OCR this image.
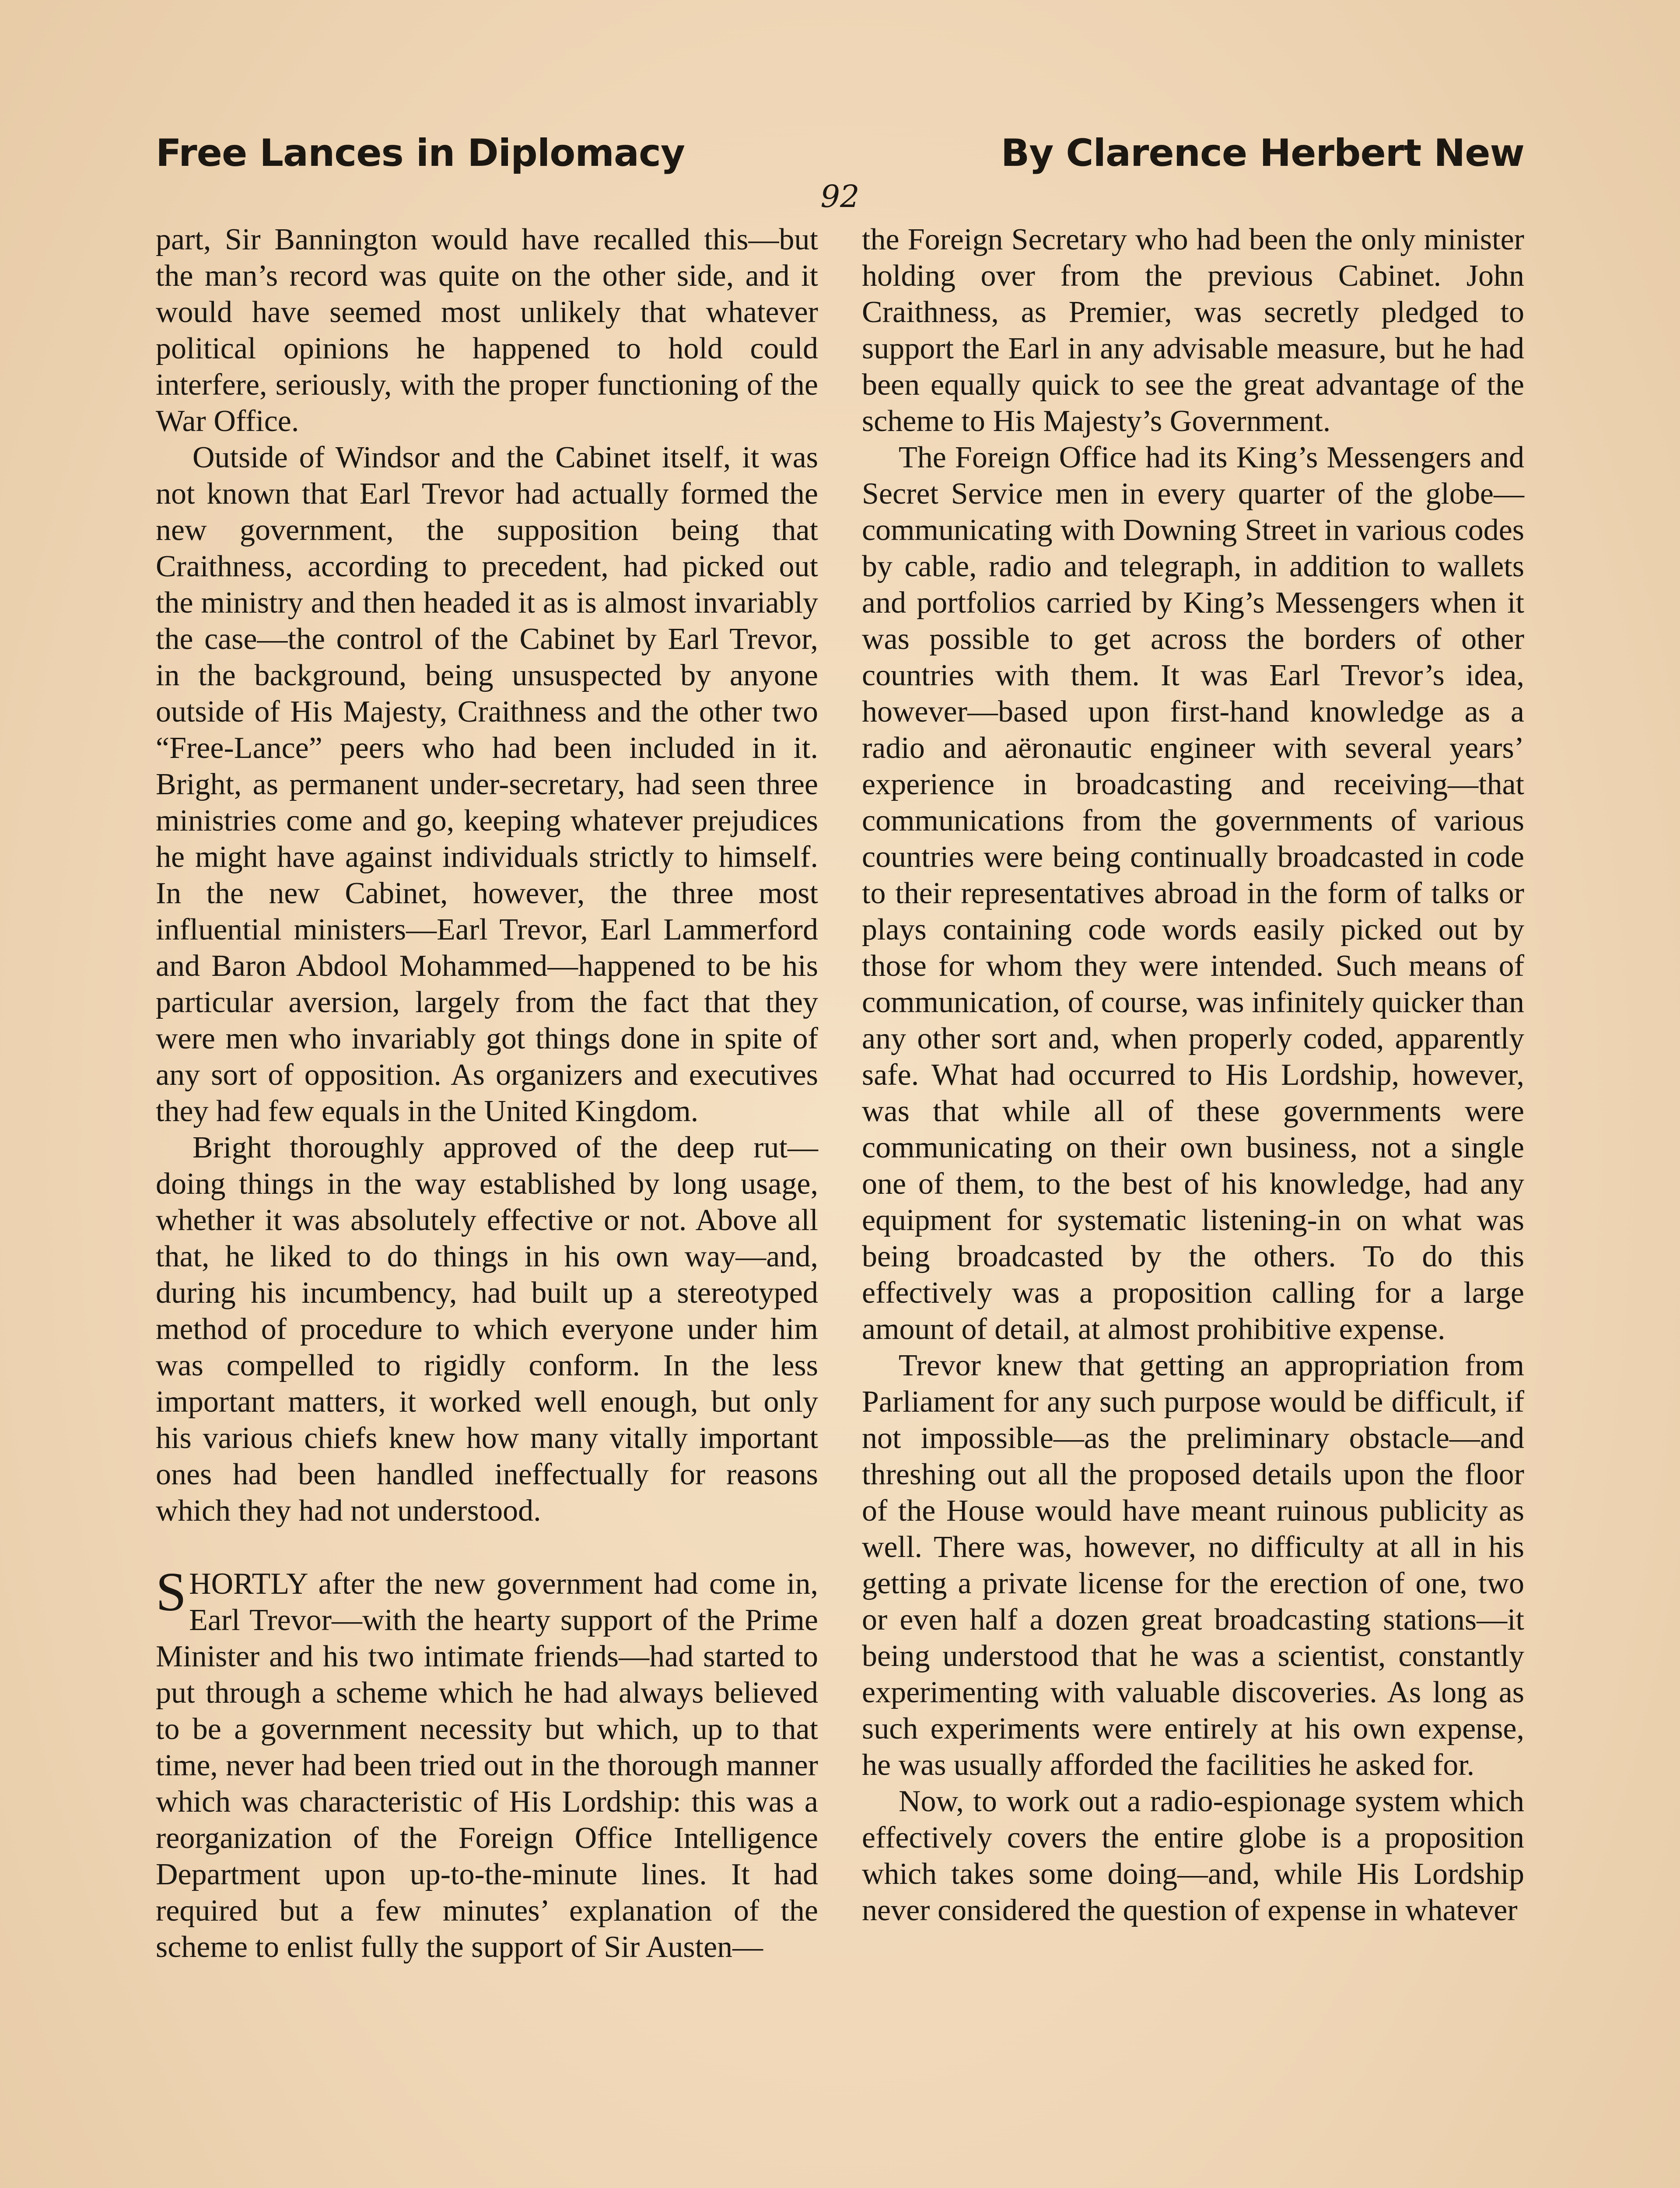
Free Lances in Diplomacy	By Clarence Herbert New
92

part, Sir Bannington would have recalled this—but the man’s record was quite on the other side, and it would have seemed most unlikely that whatever political opinions he happened to hold could interfere, seriously, with the proper functioning of the War Office.

Outside of Windsor and the Cabinet itself, it was not known that Earl Trevor had actually formed the new government, the supposition being that Craithness, according to precedent, had picked out the ministry and then headed it as is almost invariably the case—the control of the Cabinet by Earl Trevor, in the background, being unsuspected by anyone outside of His Majesty, Craithness and the other two “Free-Lance” peers who had been included in it. Bright, as permanent under-secretary, had seen three ministries come and go, keeping whatever prejudices he might have against individuals strictly to himself. In the new Cabinet, however, the three most influential ministers—Earl Trevor, Earl Lammerford and Baron Abdool Mohammed—happened to be his particular aversion, largely from the fact that they were men who invariably got things done in spite of any sort of opposition. As organizers and executives they had few equals in the United Kingdom.

Bright thoroughly approved of the deep rut—doing things in the way established by long usage, whether it was absolutely effective or not. Above all that, he liked to do things in his own way—and, during his incumbency, had built up a stereotyped method of procedure to which everyone under him was compelled to rigidly conform. In the less important matters, it worked well enough, but only his various chiefs knew how many vitally important ones had been handled ineffectually for reasons which they had not understood.

SHORTLY after the new government had come in, Earl Trevor—with the hearty support of the Prime Minister and his two intimate friends—had started to put through a scheme which he had always believed to be a government necessity but which, up to that time, never had been tried out in the thorough manner which was characteristic of His Lordship: this was a reorganization of the Foreign Office Intelligence Department upon up-to-the-minute lines. It had required but a few minutes’ explanation of the scheme to enlist fully the support of Sir Austen—

the Foreign Secretary who had been the only minister holding over from the previous Cabinet. John Craithness, as Premier, was secretly pledged to support the Earl in any advisable measure, but he had been equally quick to see the great advantage of the scheme to His Majesty’s Government.

The Foreign Office had its King’s Messengers and Secret Service men in every quarter of the globe—communicating with Downing Street in various codes by cable, radio and telegraph, in addition to wallets and portfolios carried by King’s Messengers when it was possible to get across the borders of other countries with them. It was Earl Trevor’s idea, however—based upon first-hand knowledge as a radio and aëronautic engineer with several years’ experience in broadcasting and receiving—that communications from the governments of various countries were being continually broadcasted in code to their representatives abroad in the form of talks or plays containing code words easily picked out by those for whom they were intended. Such means of communication, of course, was infinitely quicker than any other sort and, when properly coded, apparently safe. What had occurred to His Lordship, however, was that while all of these governments were communicating on their own business, not a single one of them, to the best of his knowledge, had any equipment for systematic listening-in on what was being broadcasted by the others. To do this effectively was a proposition calling for a large amount of detail, at almost prohibitive expense.

Trevor knew that getting an appropriation from Parliament for any such purpose would be difficult, if not impossible—as the preliminary obstacle—and threshing out all the proposed details upon the floor of the House would have meant ruinous publicity as well. There was, however, no difficulty at all in his getting a private license for the erection of one, two or even half a dozen great broadcasting stations—it being understood that he was a scientist, constantly experimenting with valuable discoveries. As long as such experiments were entirely at his own expense, he was usually afforded the facilities he asked for.

Now, to work out a radio-espionage system which effectively covers the entire globe is a proposition which takes some doing—and, while His Lordship never considered the question of expense in whatever
